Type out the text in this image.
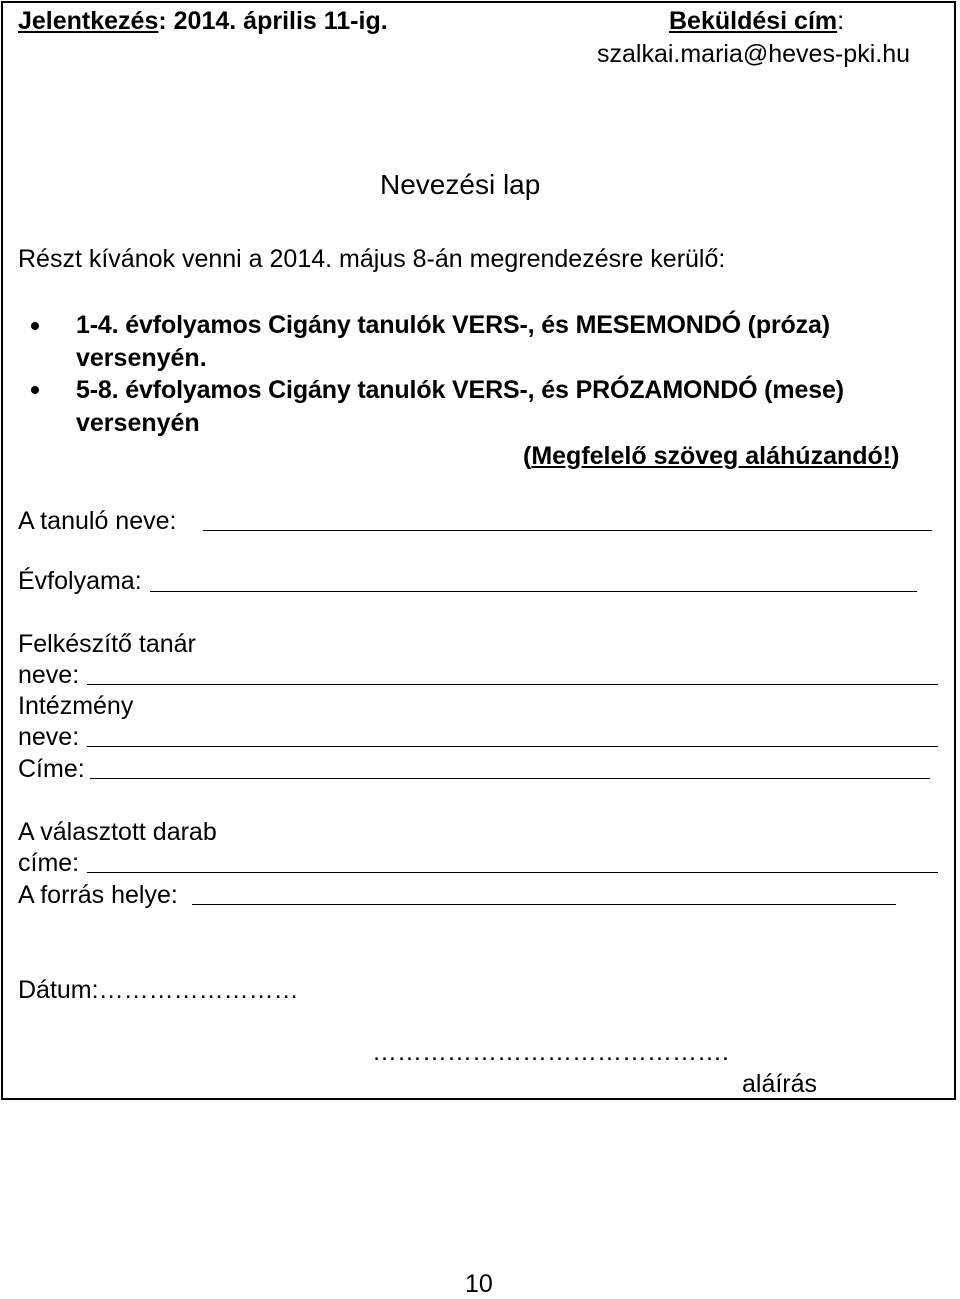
Jelentkezés: 2014. április 11-ig.	Beküldési cím:
szalkai.maria@heves-pki.hu
Nevezési lap
Részt kívánok venni a 2014. május 8-án megrendezésre kerülő:
1-4. évfolyamos Cigány tanulók VERS-, és MESEMONDÓ (próza)
versenyén.
5-8. évfolyamos Cigány tanulók VERS-, és PRÓZAMONDÓ (mese)
versenyén
(Megfelelő szöveg aláhúzandó!)
A tanuló neve:
Évfolyama:
Felkészítő tanár
neve:
Intézmény
neve:
Címe:
A választott darab
címe:
A forrás helye:
Dátum:……………………
…………………………………….
aláírás
10
